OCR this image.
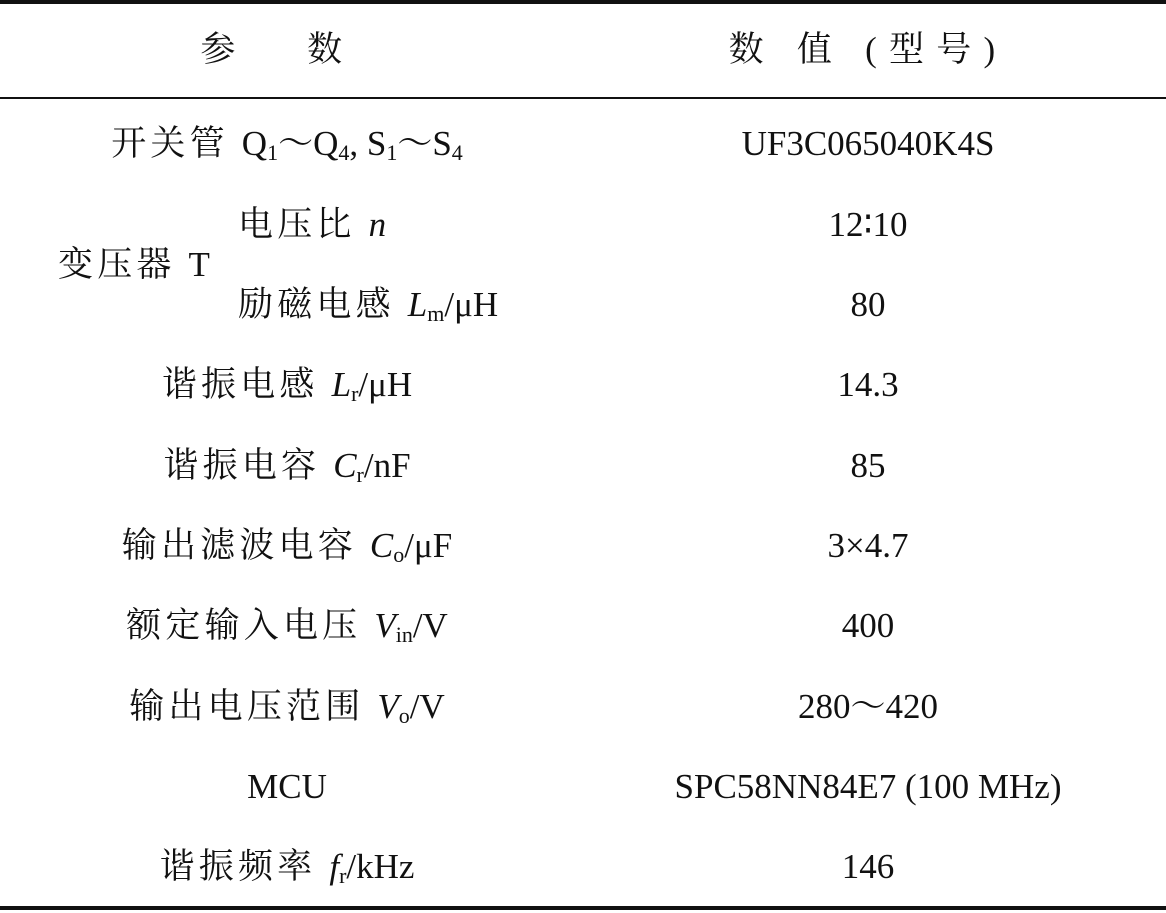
参 数	数 值 (型号)
开关管 $Q_1\sim Q_4$, $S_1\sim S_4$	UF3C065040K4S
变压器 T
电压比 n	12∶10
励磁电感 $L_m/\mu H$	80
谐振电感 $L_r/\mu H$	14.3
谐振电容 $C_r/nF$	85
输出滤波电容 $C_o/\mu F$	3×4.7
额定输入电压 $V_{in}/V$	400
输出电压范围 $V_o/V$	280～420
MCU	SPC58NN84E7 (100 MHz)
谐振频率 $f_r$/kHz	146
